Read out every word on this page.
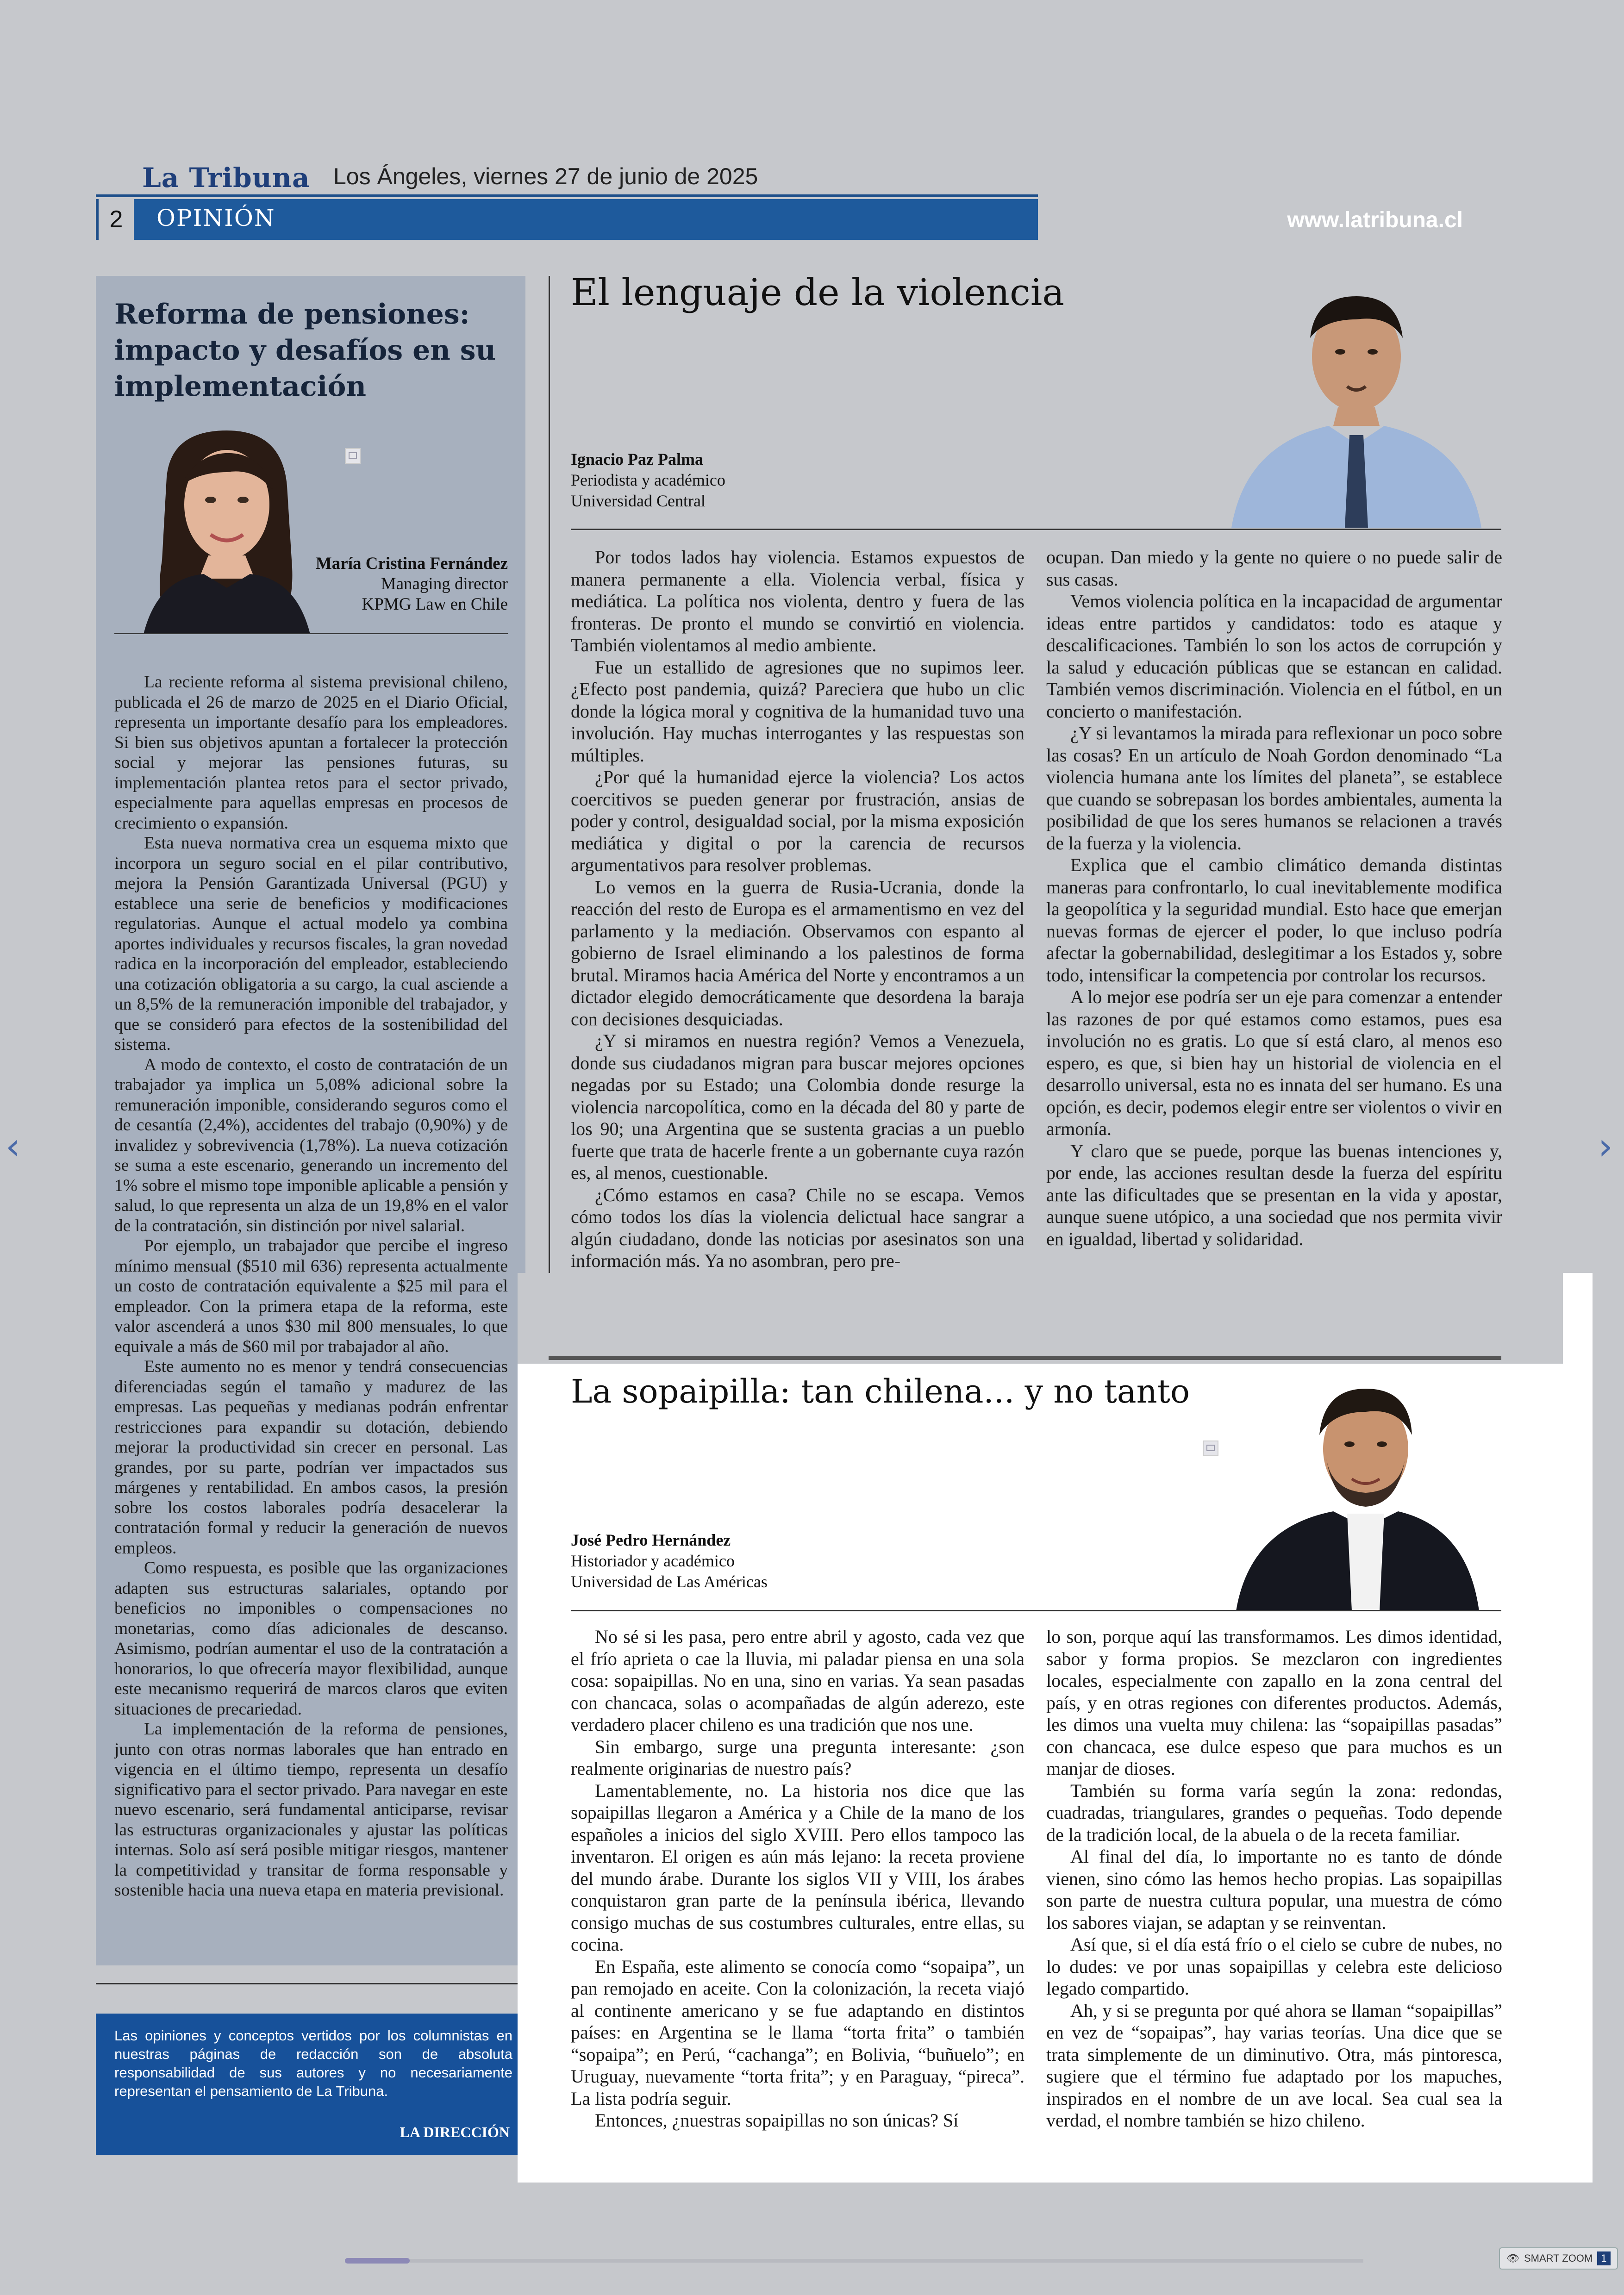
La Tribuna Los Ángeles, viernes 27 de junio de 2025
2	OPINIÓN	www.latribuna.cl
Reforma de pensiones: impacto y desafíos en su implementación
María Cristina Fernández
Managing director
KPMG Law en Chile

La reciente reforma al sistema previsional chileno, publicada el 26 de marzo de 2025 en el Diario Oficial, representa un importante desafío para los empleadores. Si bien sus objetivos apuntan a fortalecer la protección social y mejorar las pensiones futuras, su implementación plantea retos para el sector privado, especialmente para aquellas empresas en procesos de crecimiento o expansión.

Esta nueva normativa crea un esquema mixto que incorpora un seguro social en el pilar contributivo, mejora la Pensión Garantizada Universal (PGU) y establece una serie de beneficios y modificaciones regulatorias. Aunque el actual modelo ya combina aportes individuales y recursos fiscales, la gran novedad radica en la incorporación del empleador, estableciendo una cotización obligatoria a su cargo, la cual asciende a un 8,5% de la remuneración imponible del trabajador, y que se consideró para efectos de la sostenibilidad del sistema.

A modo de contexto, el costo de contratación de un trabajador ya implica un 5,08% adicional sobre la remuneración imponible, considerando seguros como el de cesantía (2,4%), accidentes del trabajo (0,90%) y de invalidez y sobrevivencia (1,78%). La nueva cotización se suma a este escenario, generando un incremento del 1% sobre el mismo tope imponible aplicable a pensión y salud, lo que representa un alza de un 19,8% en el valor de la contratación, sin distinción por nivel salarial.

Por ejemplo, un trabajador que percibe el ingreso mínimo mensual ($510 mil 636) representa actualmente un costo de contratación equivalente a $25 mil para el empleador. Con la primera etapa de la reforma, este valor ascenderá a unos $30 mil 800 mensuales, lo que equivale a más de $60 mil por trabajador al año.

Este aumento no es menor y tendrá consecuencias diferenciadas según el tamaño y madurez de las empresas. Las pequeñas y medianas podrán enfrentar restricciones para expandir su dotación, debiendo mejorar la productividad sin crecer en personal. Las grandes, por su parte, podrían ver impactados sus márgenes y rentabilidad. En ambos casos, la presión sobre los costos laborales podría desacelerar la contratación formal y reducir la generación de nuevos empleos.

Como respuesta, es posible que las organizaciones adapten sus estructuras salariales, optando por beneficios no imponibles o compensaciones no monetarias, como días adicionales de descanso. Asimismo, podrían aumentar el uso de la contratación a honorarios, lo que ofrecería mayor flexibilidad, aunque este mecanismo requerirá de marcos claros que eviten situaciones de precariedad.

La implementación de la reforma de pensiones, junto con otras normas laborales que han entrado en vigencia en el último tiempo, representa un desafío significativo para el sector privado. Para navegar en este nuevo escenario, será fundamental anticiparse, revisar las estructuras organizacionales y ajustar las políticas internas. Solo así será posible mitigar riesgos, mantener la competitividad y transitar de forma responsable y sostenible hacia una nueva etapa en materia previsional.

Las opiniones y conceptos vertidos por los columnistas en nuestras páginas de redacción son de absoluta responsabilidad de sus autores y no necesariamente representan el pensamiento de La Tribuna.
LA DIRECCIÓN
El lenguaje de la violencia
Ignacio Paz Palma
Periodista y académico
Universidad Central

Por todos lados hay violencia. Estamos expuestos de manera permanente a ella. Violencia verbal, física y mediática. La política nos violenta, dentro y fuera de las fronteras. De pronto el mundo se convirtió en violencia. También violentamos al medio ambiente.

Fue un estallido de agresiones que no supimos leer. ¿Efecto post pandemia, quizá? Pareciera que hubo un clic donde la lógica moral y cognitiva de la humanidad tuvo una involución. Hay muchas interrogantes y las respuestas son múltiples.

¿Por qué la humanidad ejerce la violencia? Los actos coercitivos se pueden generar por frustración, ansias de poder y control, desigualdad social, por la misma exposición mediática y digital o por la carencia de recursos argumentativos para resolver problemas.

Lo vemos en la guerra de Rusia-Ucrania, donde la reacción del resto de Europa es el armamentismo en vez del parlamento y la mediación. Observamos con espanto al gobierno de Israel eliminando a los palestinos de forma brutal. Miramos hacia América del Norte y encontramos a un dictador elegido democráticamente que desordena la baraja con decisiones desquiciadas.

¿Y si miramos en nuestra región? Vemos a Venezuela, donde sus ciudadanos migran para buscar mejores opciones negadas por su Estado; una Colombia donde resurge la violencia narcopolítica, como en la década del 80 y parte de los 90; una Argentina que se sustenta gracias a un pueblo fuerte que trata de hacerle frente a un gobernante cuya razón es, al menos, cuestionable.

¿Cómo estamos en casa? Chile no se escapa. Vemos cómo todos los días la violencia delictual hace sangrar a algún ciudadano, donde las noticias por asesinatos son una información más. Ya no asombran, pero pre-

ocupan. Dan miedo y la gente no quiere o no puede salir de sus casas.

Vemos violencia política en la incapacidad de argumentar ideas entre partidos y candidatos: todo es ataque y descalificaciones. También lo son los actos de corrupción y la salud y educación públicas que se estancan en calidad. También vemos discriminación. Violencia en el fútbol, en un concierto o manifestación.

¿Y si levantamos la mirada para reflexionar un poco sobre las cosas? En un artículo de Noah Gordon denominado “La violencia humana ante los límites del planeta”, se establece que cuando se sobrepasan los bordes ambientales, aumenta la posibilidad de que los seres humanos se relacionen a través de la fuerza y la violencia.

Explica que el cambio climático demanda distintas maneras para confrontarlo, lo cual inevitablemente modifica la geopolítica y la seguridad mundial. Esto hace que emerjan nuevas formas de ejercer el poder, lo que incluso podría afectar la gobernabilidad, deslegitimar a los Estados y, sobre todo, intensificar la competencia por controlar los recursos.

A lo mejor ese podría ser un eje para comenzar a entender las razones de por qué estamos como estamos, pues esa involución no es gratis. Lo que sí está claro, al menos eso espero, es que, si bien hay un historial de violencia en el desarrollo universal, esta no es innata del ser humano. Es una opción, es decir, podemos elegir entre ser violentos o vivir en armonía.

Y claro que se puede, porque las buenas intenciones y, por ende, las acciones resultan desde la fuerza del espíritu ante las dificultades que se presentan en la vida y apostar, aunque suene utópico, a una sociedad que nos permita vivir en igualdad, libertad y solidaridad.

La sopaipilla: tan chilena... y no tanto
José Pedro Hernández
Historiador y académico
Universidad de Las Américas

No sé si les pasa, pero entre abril y agosto, cada vez que el frío aprieta o cae la lluvia, mi paladar piensa en una sola cosa: sopaipillas. No en una, sino en varias. Ya sean pasadas con chancaca, solas o acompañadas de algún aderezo, este verdadero placer chileno es una tradición que nos une.

Sin embargo, surge una pregunta interesante: ¿son realmente originarias de nuestro país?

Lamentablemente, no. La historia nos dice que las sopaipillas llegaron a América y a Chile de la mano de los españoles a inicios del siglo XVIII. Pero ellos tampoco las inventaron. El origen es aún más lejano: la receta proviene del mundo árabe. Durante los siglos VII y VIII, los árabes conquistaron gran parte de la península ibérica, llevando consigo muchas de sus costumbres culturales, entre ellas, su cocina.

En España, este alimento se conocía como “sopaipa”, un pan remojado en aceite. Con la colonización, la receta viajó al continente americano y se fue adaptando en distintos países: en Argentina se le llama “torta frita” o también “sopaipa”; en Perú, “cachanga”; en Bolivia, “buñuelo”; en Uruguay, nuevamente “torta frita”; y en Paraguay, “pireca”. La lista podría seguir.

Entonces, ¿nuestras sopaipillas no son únicas? Sí

lo son, porque aquí las transformamos. Les dimos identidad, sabor y forma propios. Se mezclaron con ingredientes locales, especialmente con zapallo en la zona central del país, y en otras regiones con diferentes productos. Además, les dimos una vuelta muy chilena: las “sopaipillas pasadas” con chancaca, ese dulce espeso que para muchos es un manjar de dioses.

También su forma varía según la zona: redondas, cuadradas, triangulares, grandes o pequeñas. Todo depende de la tradición local, de la abuela o de la receta familiar.

Al final del día, lo importante no es tanto de dónde vienen, sino cómo las hemos hecho propias. Las sopaipillas son parte de nuestra cultura popular, una muestra de cómo los sabores viajan, se adaptan y se reinventan.

Así que, si el día está frío o el cielo se cubre de nubes, no lo dudes: ve por unas sopaipillas y celebra este delicioso legado compartido.

Ah, y si se pregunta por qué ahora se llaman “sopaipillas” en vez de “sopaipas”, hay varias teorías. Una dice que se trata simplemente de un diminutivo. Otra, más pintoresca, sugiere que el término fue adaptado por los mapuches, inspirados en el nombre de un ave local. Sea cual sea la verdad, el nombre también se hizo chileno.

‹	›
👁 SMART ZOOM 1
